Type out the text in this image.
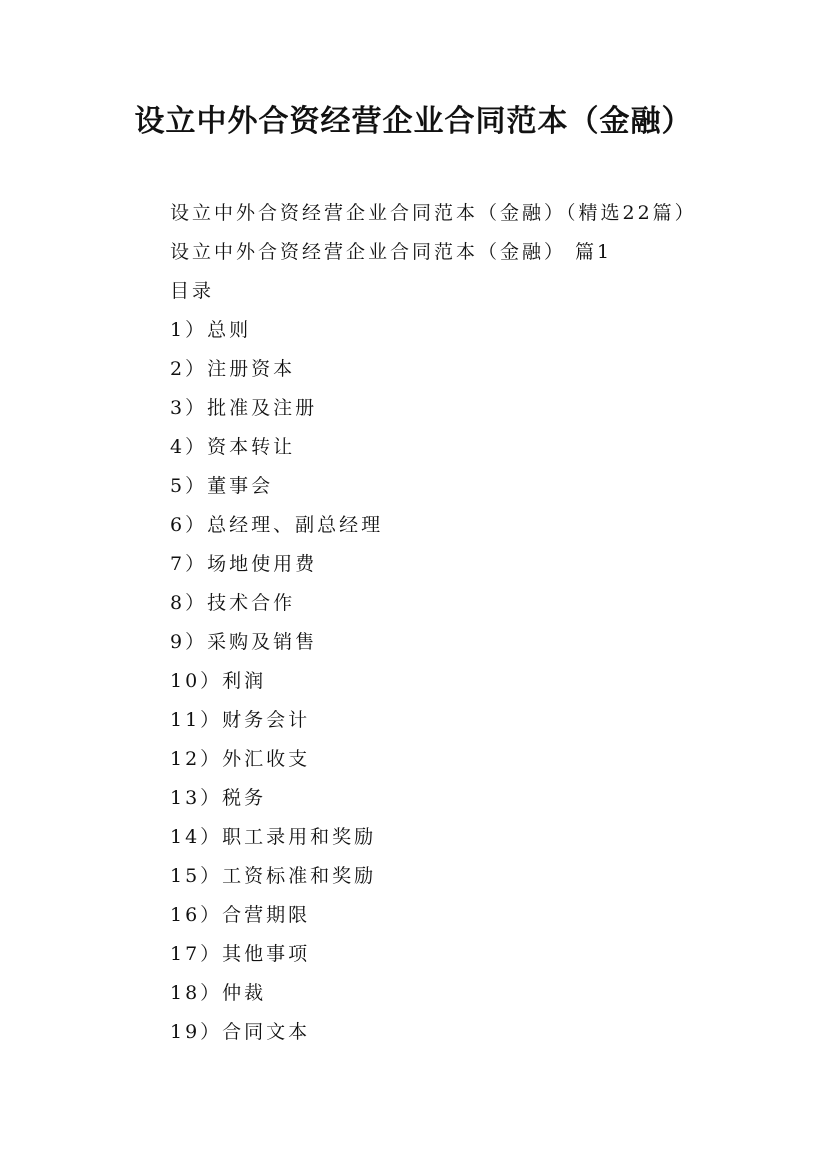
设立中外合资经营企业合同范本（金融）
设立中外合资经营企业合同范本（金融）（精选22篇）
设立中外合资经营企业合同范本（金融） 篇1
目录
1）总则
2）注册资本
3）批准及注册
4）资本转让
5）董事会
6）总经理、副总经理
7）场地使用费
8）技术合作
9）采购及销售
10）利润
11）财务会计
12）外汇收支
13）税务
14）职工录用和奖励
15）工资标准和奖励
16）合营期限
17）其他事项
18）仲裁
19）合同文本
